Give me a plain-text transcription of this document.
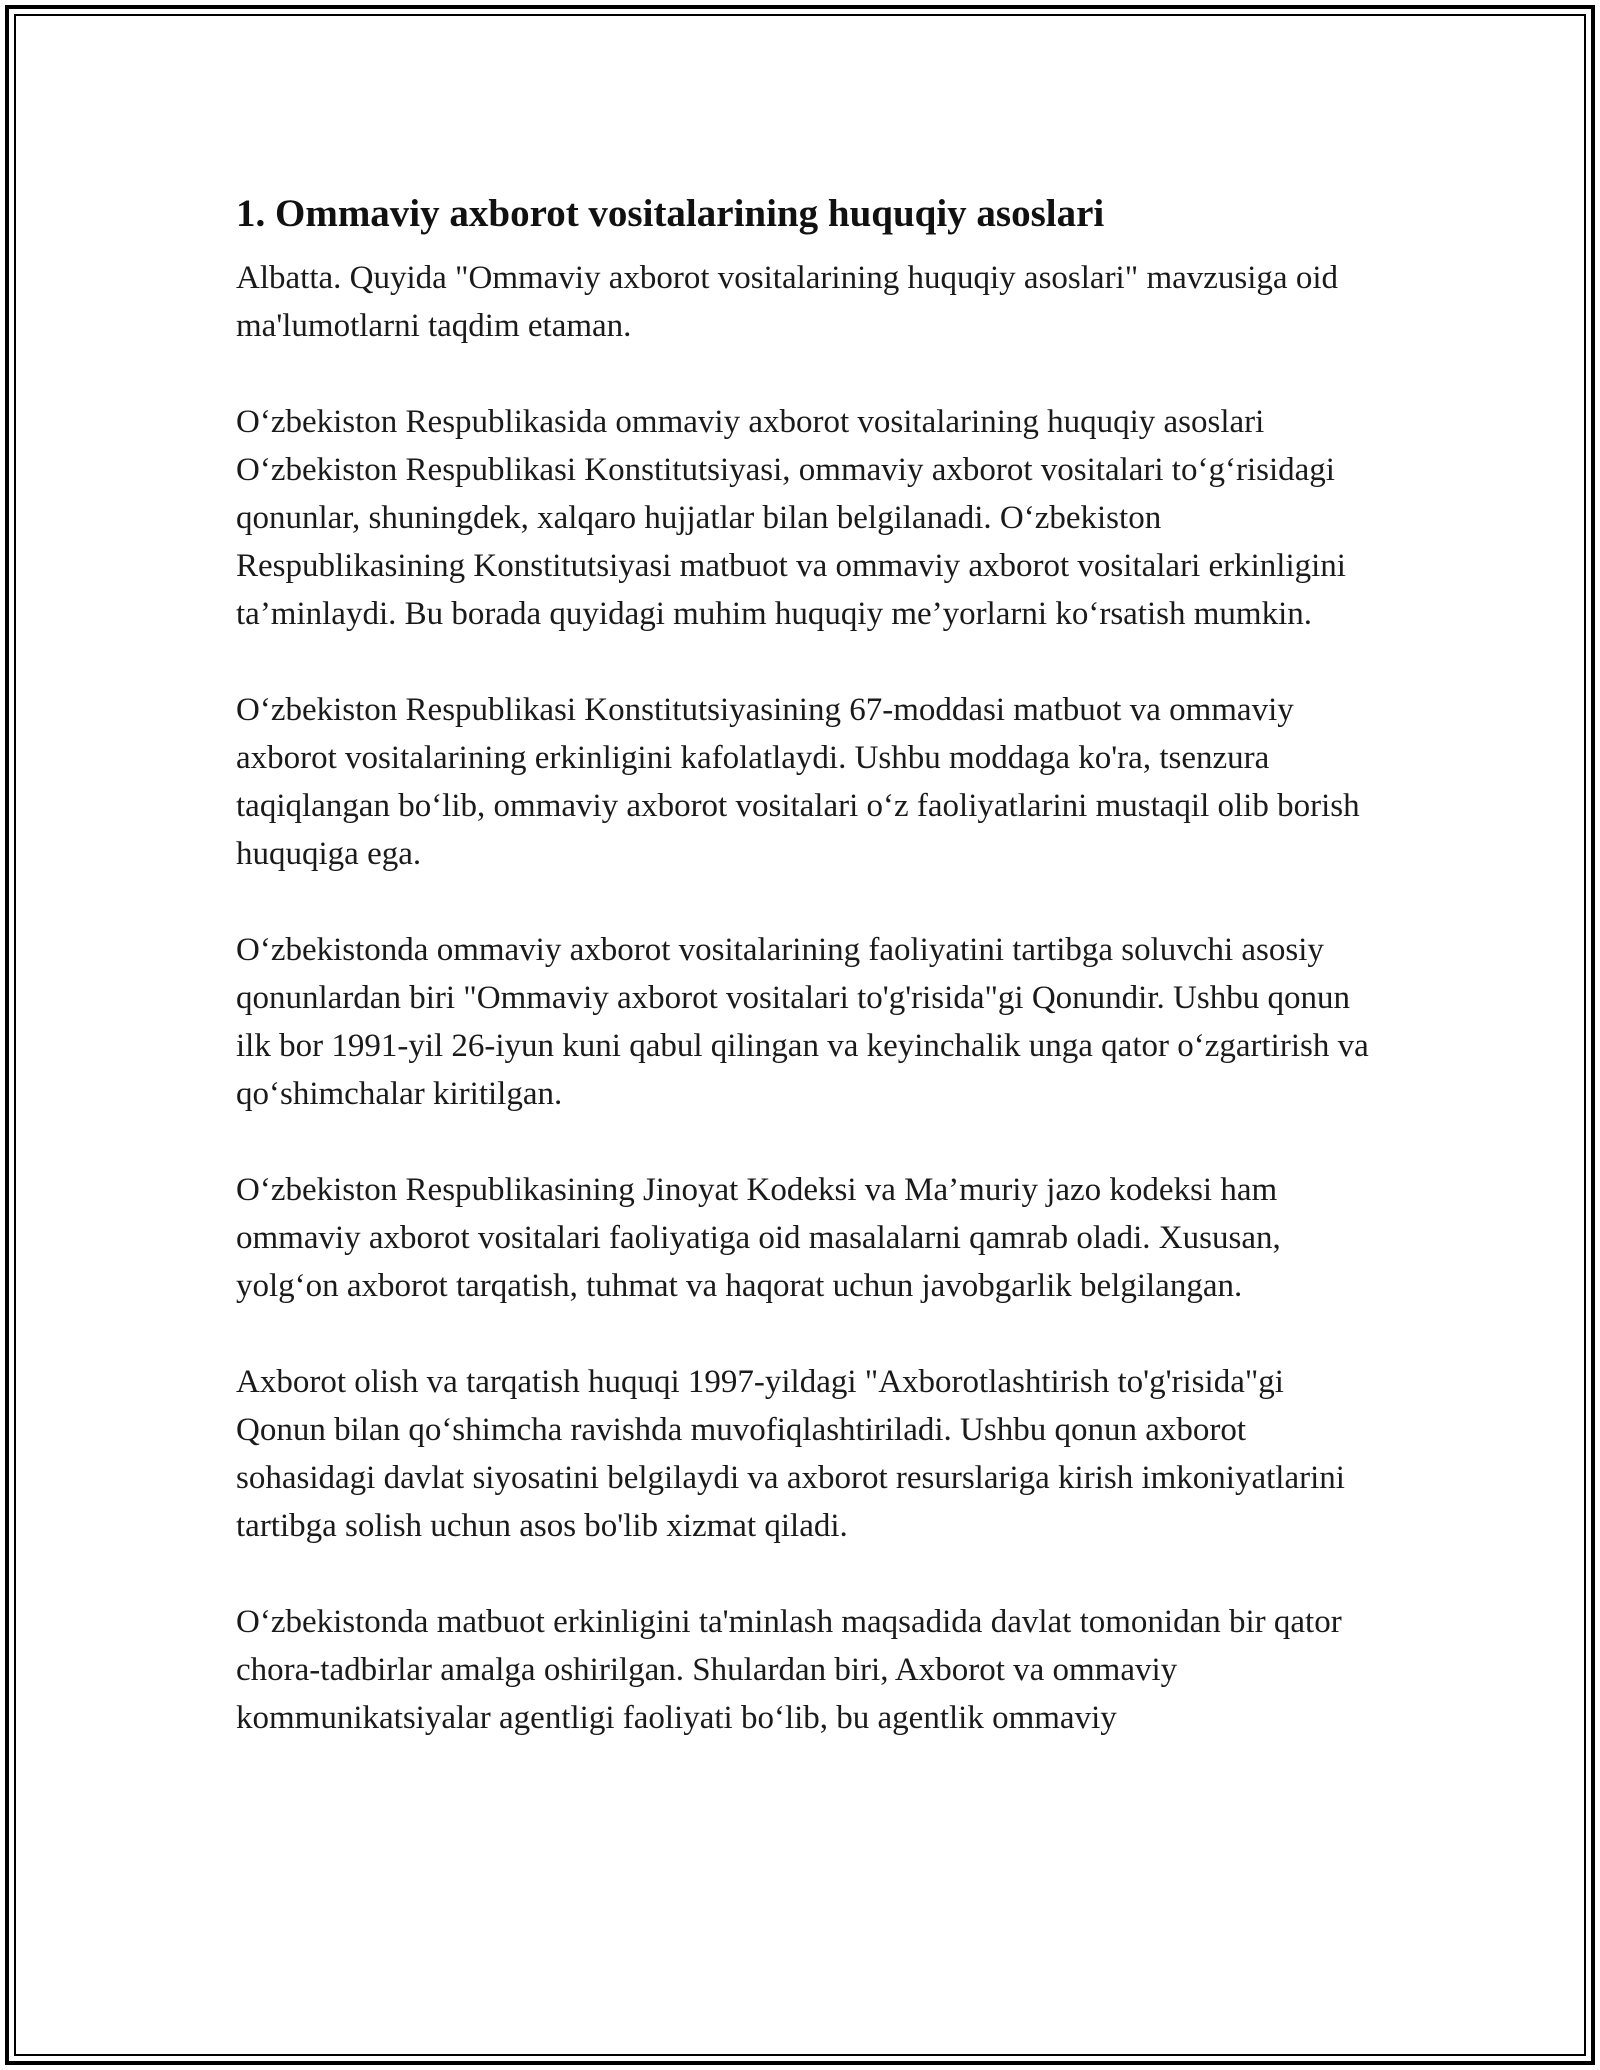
1. Ommaviy axborot vositalarining huquqiy asoslari

Albatta. Quyida "Ommaviy axborot vositalarining huquqiy asoslari" mavzusiga oid ma'lumotlarni taqdim etaman.

O‘zbekiston Respublikasida ommaviy axborot vositalarining huquqiy asoslari O‘zbekiston Respublikasi Konstitutsiyasi, ommaviy axborot vositalari to‘g‘risidagi qonunlar, shuningdek, xalqaro hujjatlar bilan belgilanadi. O‘zbekiston Respublikasining Konstitutsiyasi matbuot va ommaviy axborot vositalari erkinligini ta’minlaydi. Bu borada quyidagi muhim huquqiy me’yorlarni ko‘rsatish mumkin.

O‘zbekiston Respublikasi Konstitutsiyasining 67-moddasi matbuot va ommaviy axborot vositalarining erkinligini kafolatlaydi. Ushbu moddaga ko'ra, tsenzura taqiqlangan bo‘lib, ommaviy axborot vositalari o‘z faoliyatlarini mustaqil olib borish huquqiga ega.

O‘zbekistonda ommaviy axborot vositalarining faoliyatini tartibga soluvchi asosiy qonunlardan biri "Ommaviy axborot vositalari to'g'risida"gi Qonundir. Ushbu qonun ilk bor 1991-yil 26-iyun kuni qabul qilingan va keyinchalik unga qator o‘zgartirish va qo‘shimchalar kiritilgan.

O‘zbekiston Respublikasining Jinoyat Kodeksi va Ma’muriy jazo kodeksi ham ommaviy axborot vositalari faoliyatiga oid masalalarni qamrab oladi. Xususan, yolg‘on axborot tarqatish, tuhmat va haqorat uchun javobgarlik belgilangan.

Axborot olish va tarqatish huquqi 1997-yildagi "Axborotlashtirish to'g'risida"gi Qonun bilan qo‘shimcha ravishda muvofiqlashtiriladi. Ushbu qonun axborot sohasidagi davlat siyosatini belgilaydi va axborot resurslariga kirish imkoniyatlarini tartibga solish uchun asos bo'lib xizmat qiladi.

O‘zbekistonda matbuot erkinligini ta'minlash maqsadida davlat tomonidan bir qator chora-tadbirlar amalga oshirilgan. Shulardan biri, Axborot va ommaviy kommunikatsiyalar agentligi faoliyati bo‘lib, bu agentlik ommaviy
